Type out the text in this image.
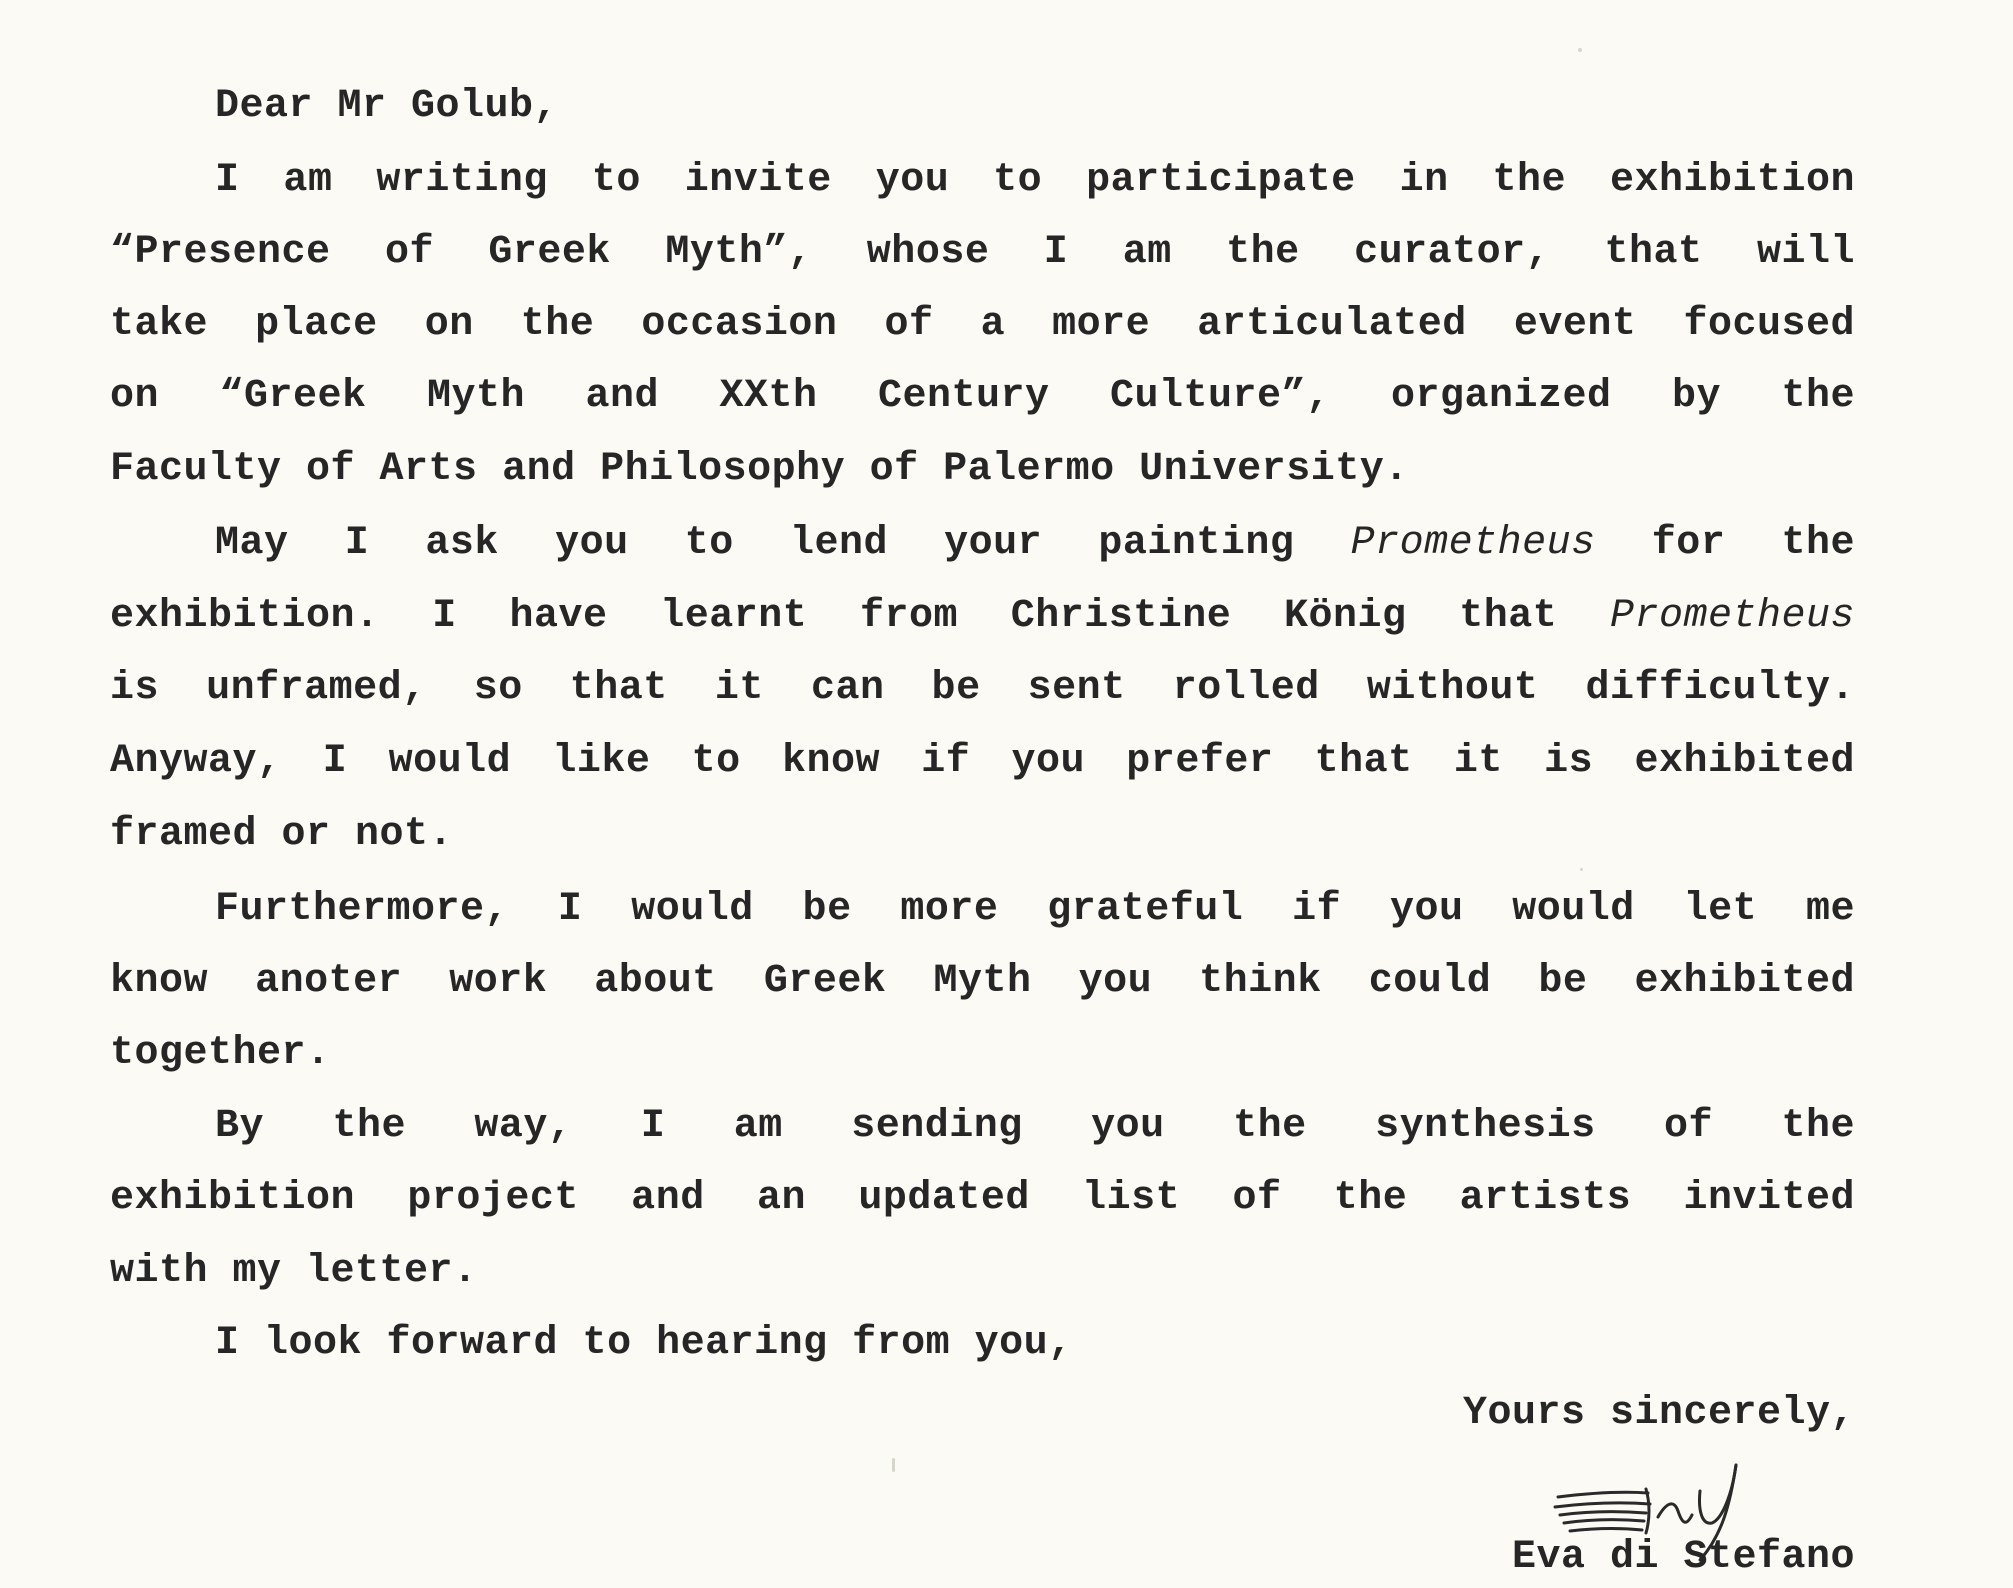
Dear Mr Golub,
I am writing to invite you to participate in the exhibition
“Presence of Greek Myth”, whose I am the curator, that will
take place on the occasion of a more articulated event focused
on “Greek Myth and XXth Century Culture”, organized by the
Faculty of Arts and Philosophy of Palermo University.
May I ask you to lend your painting Prometheus for the
exhibition. I have learnt from Christine König that Prometheus
is unframed, so that it can be sent rolled without difficulty.
Anyway, I would like to know if you prefer that it is exhibited
framed or not.
Furthermore, I would be more grateful if you would let me
know anoter work about Greek Myth you think could be exhibited
together.
By the way, I am sending you the synthesis of the
exhibition project and an updated list of the artists invited
with my letter.
I look forward to hearing from you,
Yours sincerely,
Eva di Stefano
